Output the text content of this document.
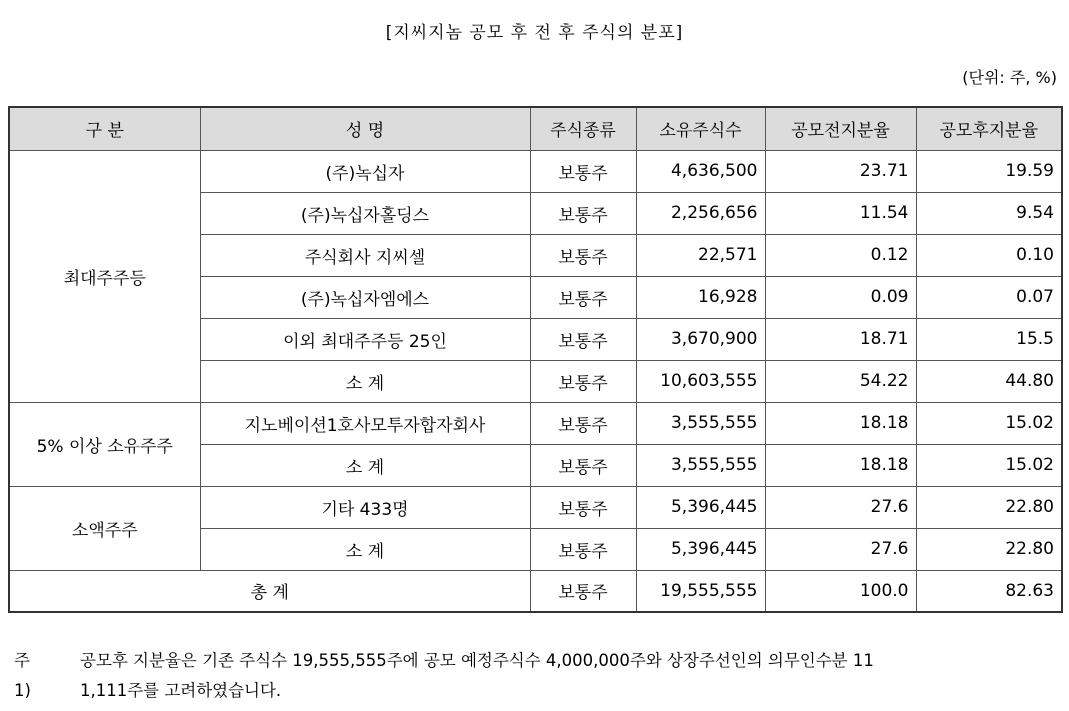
[지씨지놈 공모 후 전 후 주식의 분포]
(단위: 주, %)
구 분	성 명	주식종류	소유주식수	공모전지분율	공모후지분율
최대주주등	(주)녹십자	보통주	4,636,500	23.71	19.59
	(주)녹십자홀딩스	보통주	2,256,656	11.54	9.54
	주식회사 지씨셀	보통주	22,571	0.12	0.10
	(주)녹십자엠에스	보통주	16,928	0.09	0.07
	이외 최대주주등 25인	보통주	3,670,900	18.71	15.5
	소 계	보통주	10,603,555	54.22	44.80
5% 이상 소유주주	지노베이션1호사모투자합자회사	보통주	3,555,555	18.18	15.02
	소 계	보통주	3,555,555	18.18	15.02
소액주주	기타 433명	보통주	5,396,445	27.6	22.80
	소 계	보통주	5,396,445	27.6	22.80
총 계		보통주	19,555,555	100.0	82.63
주1)
공모후 지분율은 기존 주식수 19,555,555주에 공모 예정주식수 4,000,000주와 상장주선인의 의무인수분 11
1,111주를 고려하였습니다.
